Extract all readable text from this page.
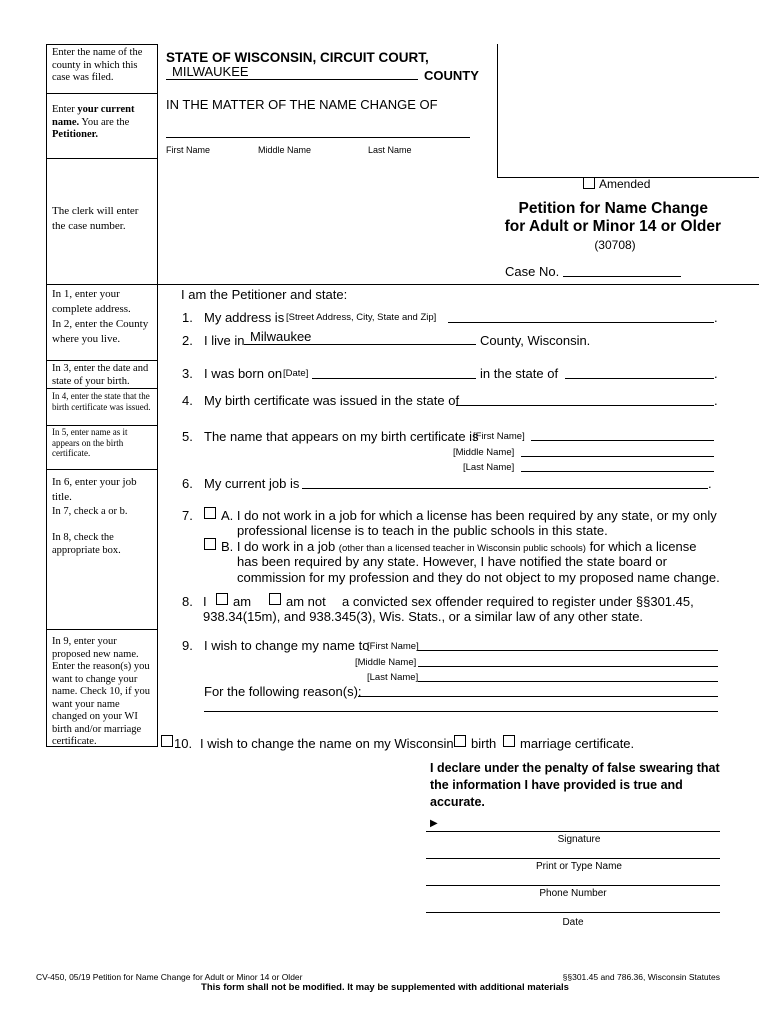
Enter the name of the county in which this case was filed.
Enter your current name. You are the Petitioner.
The clerk will enter the case number.
In 1, enter your complete address.
In 2, enter the County where you live.
In 3, enter the date and state of your birth.
In 4, enter the state that the birth certificate was issued.
In 5, enter name as it appears on the birth certificate.
In 6, enter your job title.
In 7, check a or b.
In 8, check the appropriate box.
In 9, enter your proposed new name. Enter the reason(s) you want to change your name. Check 10, if you want your name changed on your WI birth and/or marriage certificate.
STATE OF WISCONSIN, CIRCUIT COURT,
MILWAUKEE	COUNTY
IN THE MATTER OF THE NAME CHANGE OF
First Name	Middle Name	Last Name
Amended
Petition for Name Change
for Adult or Minor 14 or Older
(30708)
Case No.
I am the Petitioner and state:
1. My address is [Street Address, City, State and Zip]	.
2. I live in Milwaukee	County, Wisconsin.
3. I was born on [Date]	in the state of	.
4. My birth certificate was issued in the state of	.
5. The name that appears on my birth certificate is
[First Name]
[Middle Name]
[Last Name]
6. My current job is	.
7. A. I do not work in a job for which a license has been required by any state, or my only
professional license is to teach in the public schools in this state.
B. I do work in a job (other than a licensed teacher in Wisconsin public schools) for which a license
has been required by any state. However, I have notified the state board or
commission for my profession and they do not object to my proposed name change.
8. I am	am not a convicted sex offender required to register under §§301.45,
938.34(15m), and 938.345(3), Wis. Stats., or a similar law of any other state.
9. I wish to change my name to
[First Name]
[Middle Name]
[Last Name]
For the following reason(s):
10. I wish to change the name on my Wisconsin birth marriage certificate.
I declare under the penalty of false swearing that the information I have provided is true and accurate.
▶
Signature
Print or Type Name
Phone Number
Date
CV-450, 05/19 Petition for Name Change for Adult or Minor 14 or Older	§§301.45 and 786.36, Wisconsin Statutes
This form shall not be modified. It may be supplemented with additional materials
